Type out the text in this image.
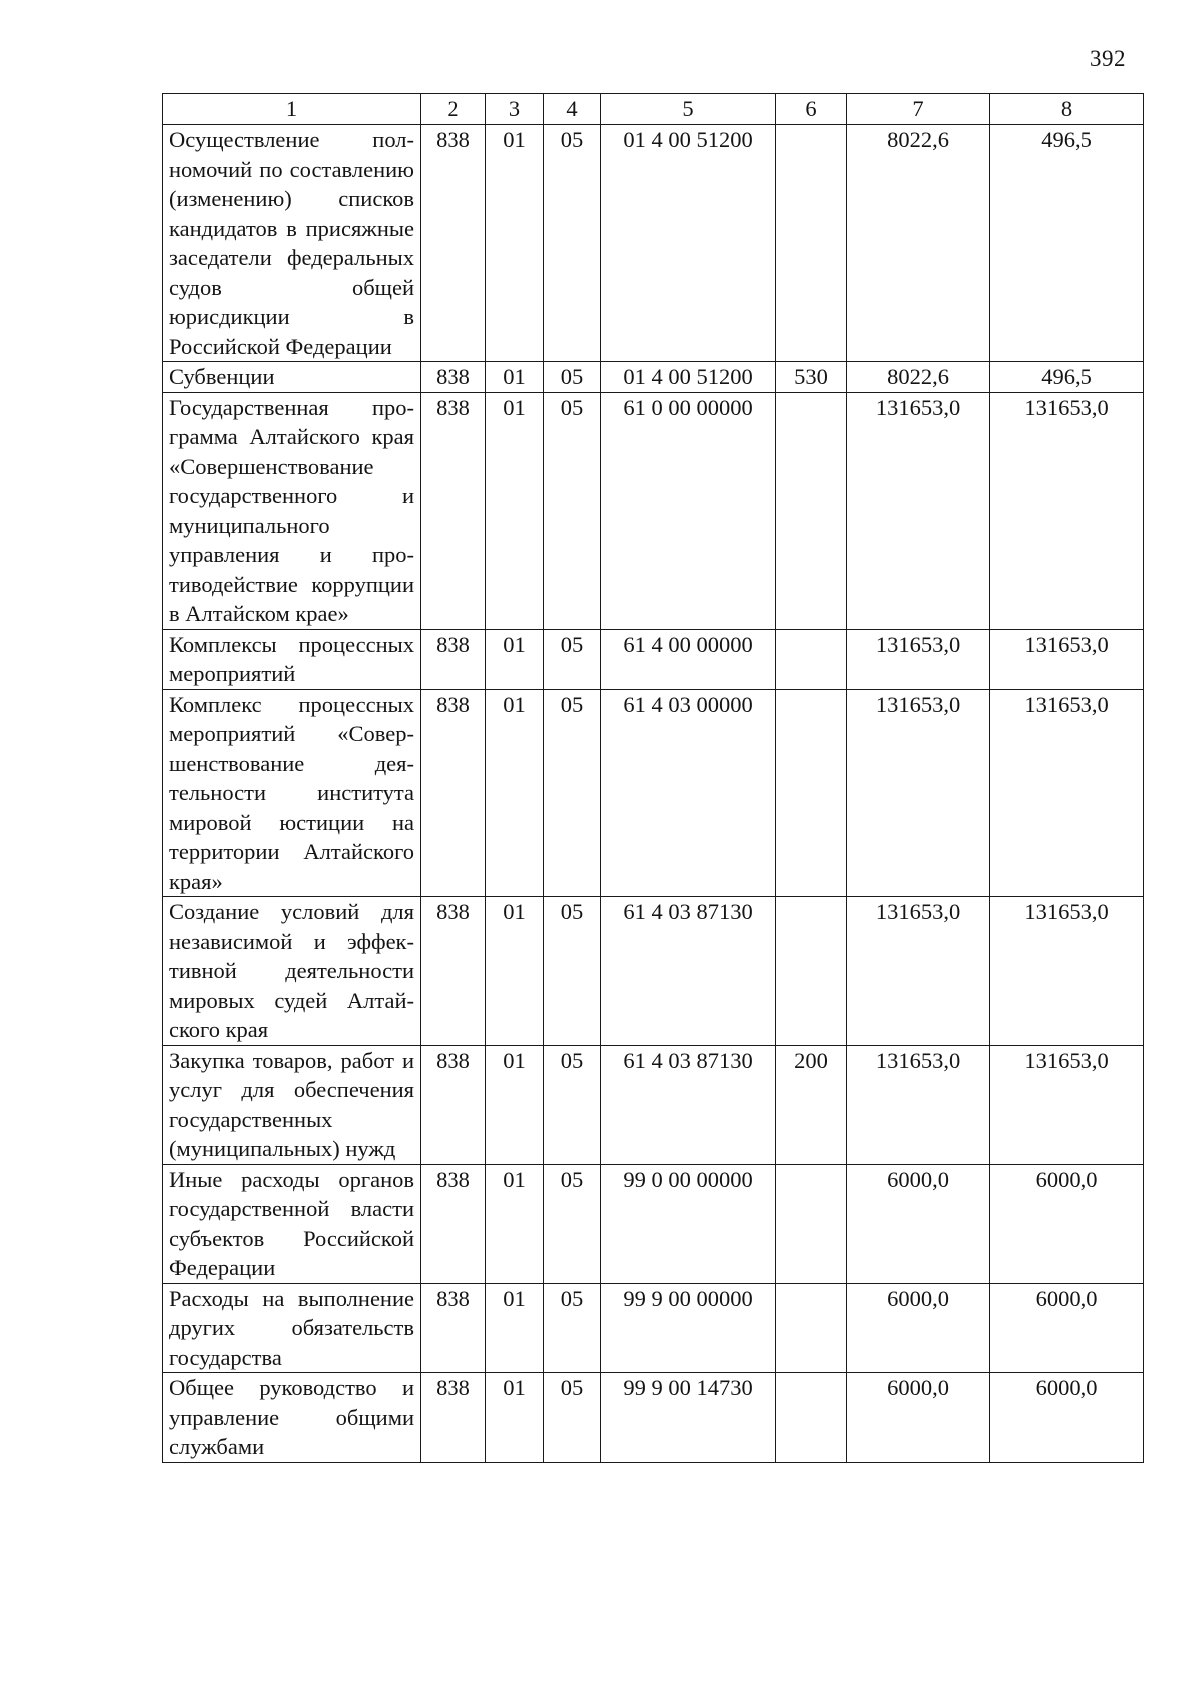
392
1	2	3	4	5	6	7	8
Осуществление полномочий по составлению (изменению) списков кандидатов в присяжные заседатели федеральных судов общей юрисдикции в Российской Федерации	838	01	05	01 4 00 51200		8022,6	496,5
Субвенции	838	01	05	01 4 00 51200	530	8022,6	496,5
Государственная программа Алтайского края «Совершенствование государственного и муниципального управления и противодействие коррупции в Алтайском крае»	838	01	05	61 0 00 00000		131653,0	131653,0
Комплексы процессных мероприятий	838	01	05	61 4 00 00000		131653,0	131653,0
Комплекс процессных мероприятий «Совершенствование деятельности института мировой юстиции на территории Алтайского края»	838	01	05	61 4 03 00000		131653,0	131653,0
Создание условий для независимой и эффективной деятельности мировых судей Алтайского края	838	01	05	61 4 03 87130		131653,0	131653,0
Закупка товаров, работ и услуг для обеспечения государственных (муниципальных) нужд	838	01	05	61 4 03 87130	200	131653,0	131653,0
Иные расходы органов государственной власти субъектов Российской Федерации	838	01	05	99 0 00 00000		6000,0	6000,0
Расходы на выполнение других обязательств государства	838	01	05	99 9 00 00000		6000,0	6000,0
Общее руководство и управление общими службами	838	01	05	99 9 00 14730		6000,0	6000,0
